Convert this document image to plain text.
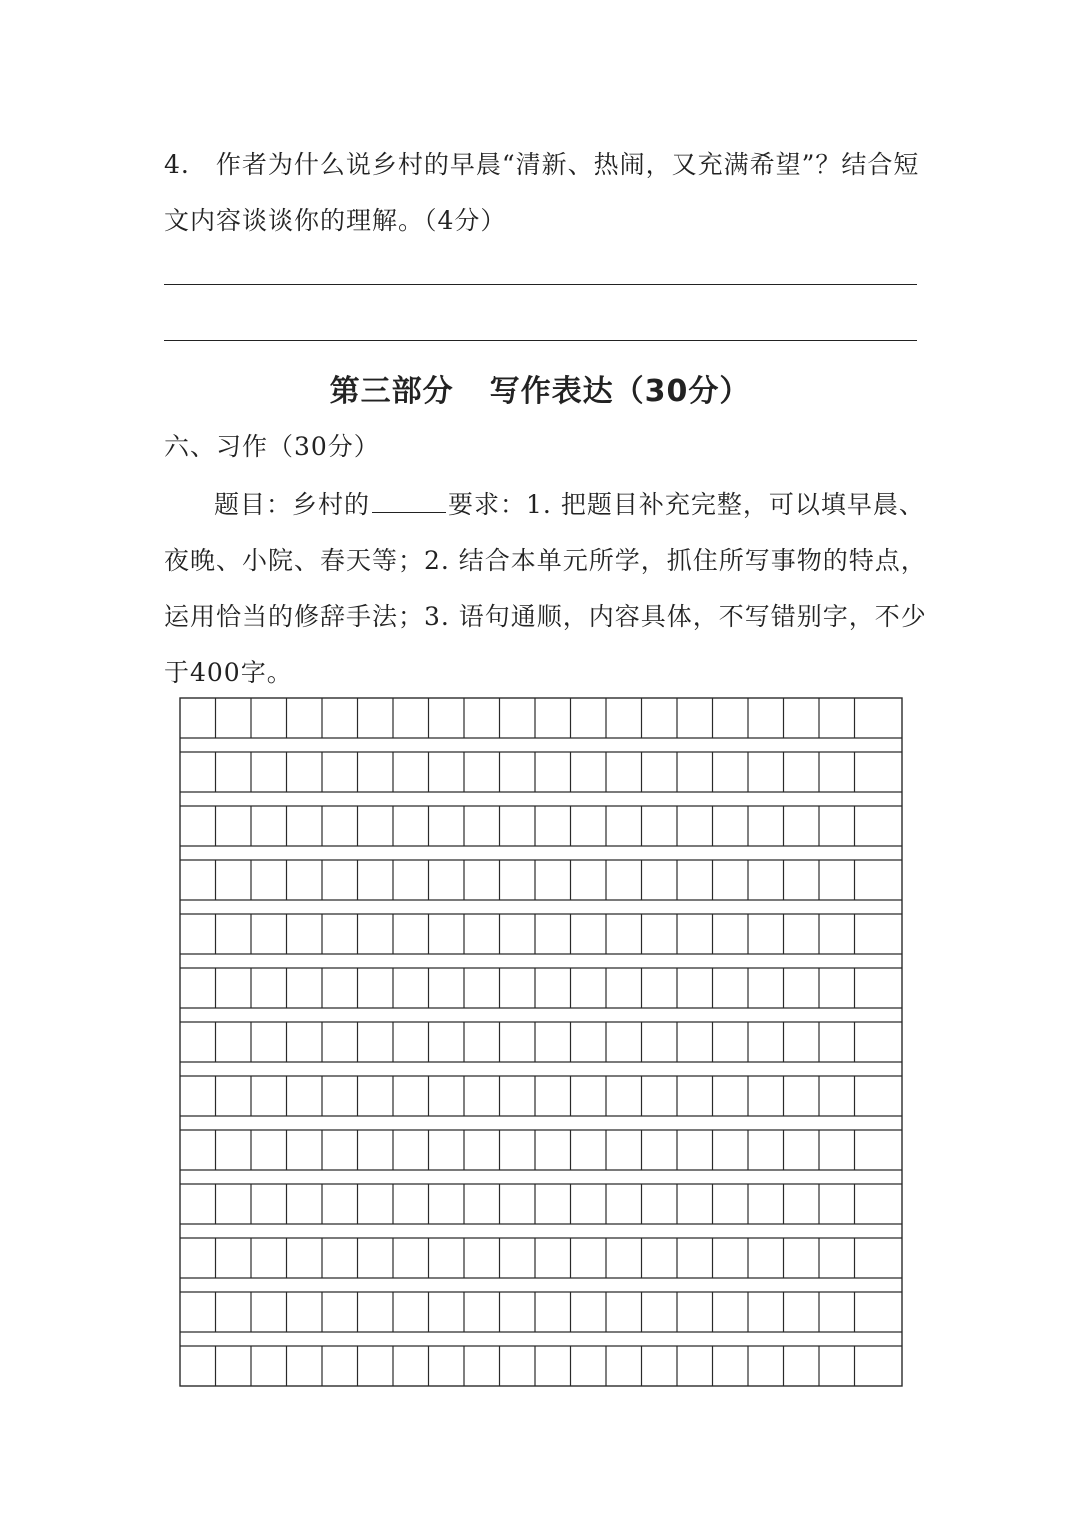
4.　作者为什么说乡村的早晨“清新、热闹，又充满希望”？结合短
文内容谈谈你的理解。（4分）
第三部分 写作表达（30分）
六、习作（30分）
题目：乡村的	要求：1. 把题目补充完整，可以填早晨、
夜晚、小院、春天等；2. 结合本单元所学，抓住所写事物的特点，
运用恰当的修辞手法；3. 语句通顺，内容具体，不写错别字，不少
于400字。
